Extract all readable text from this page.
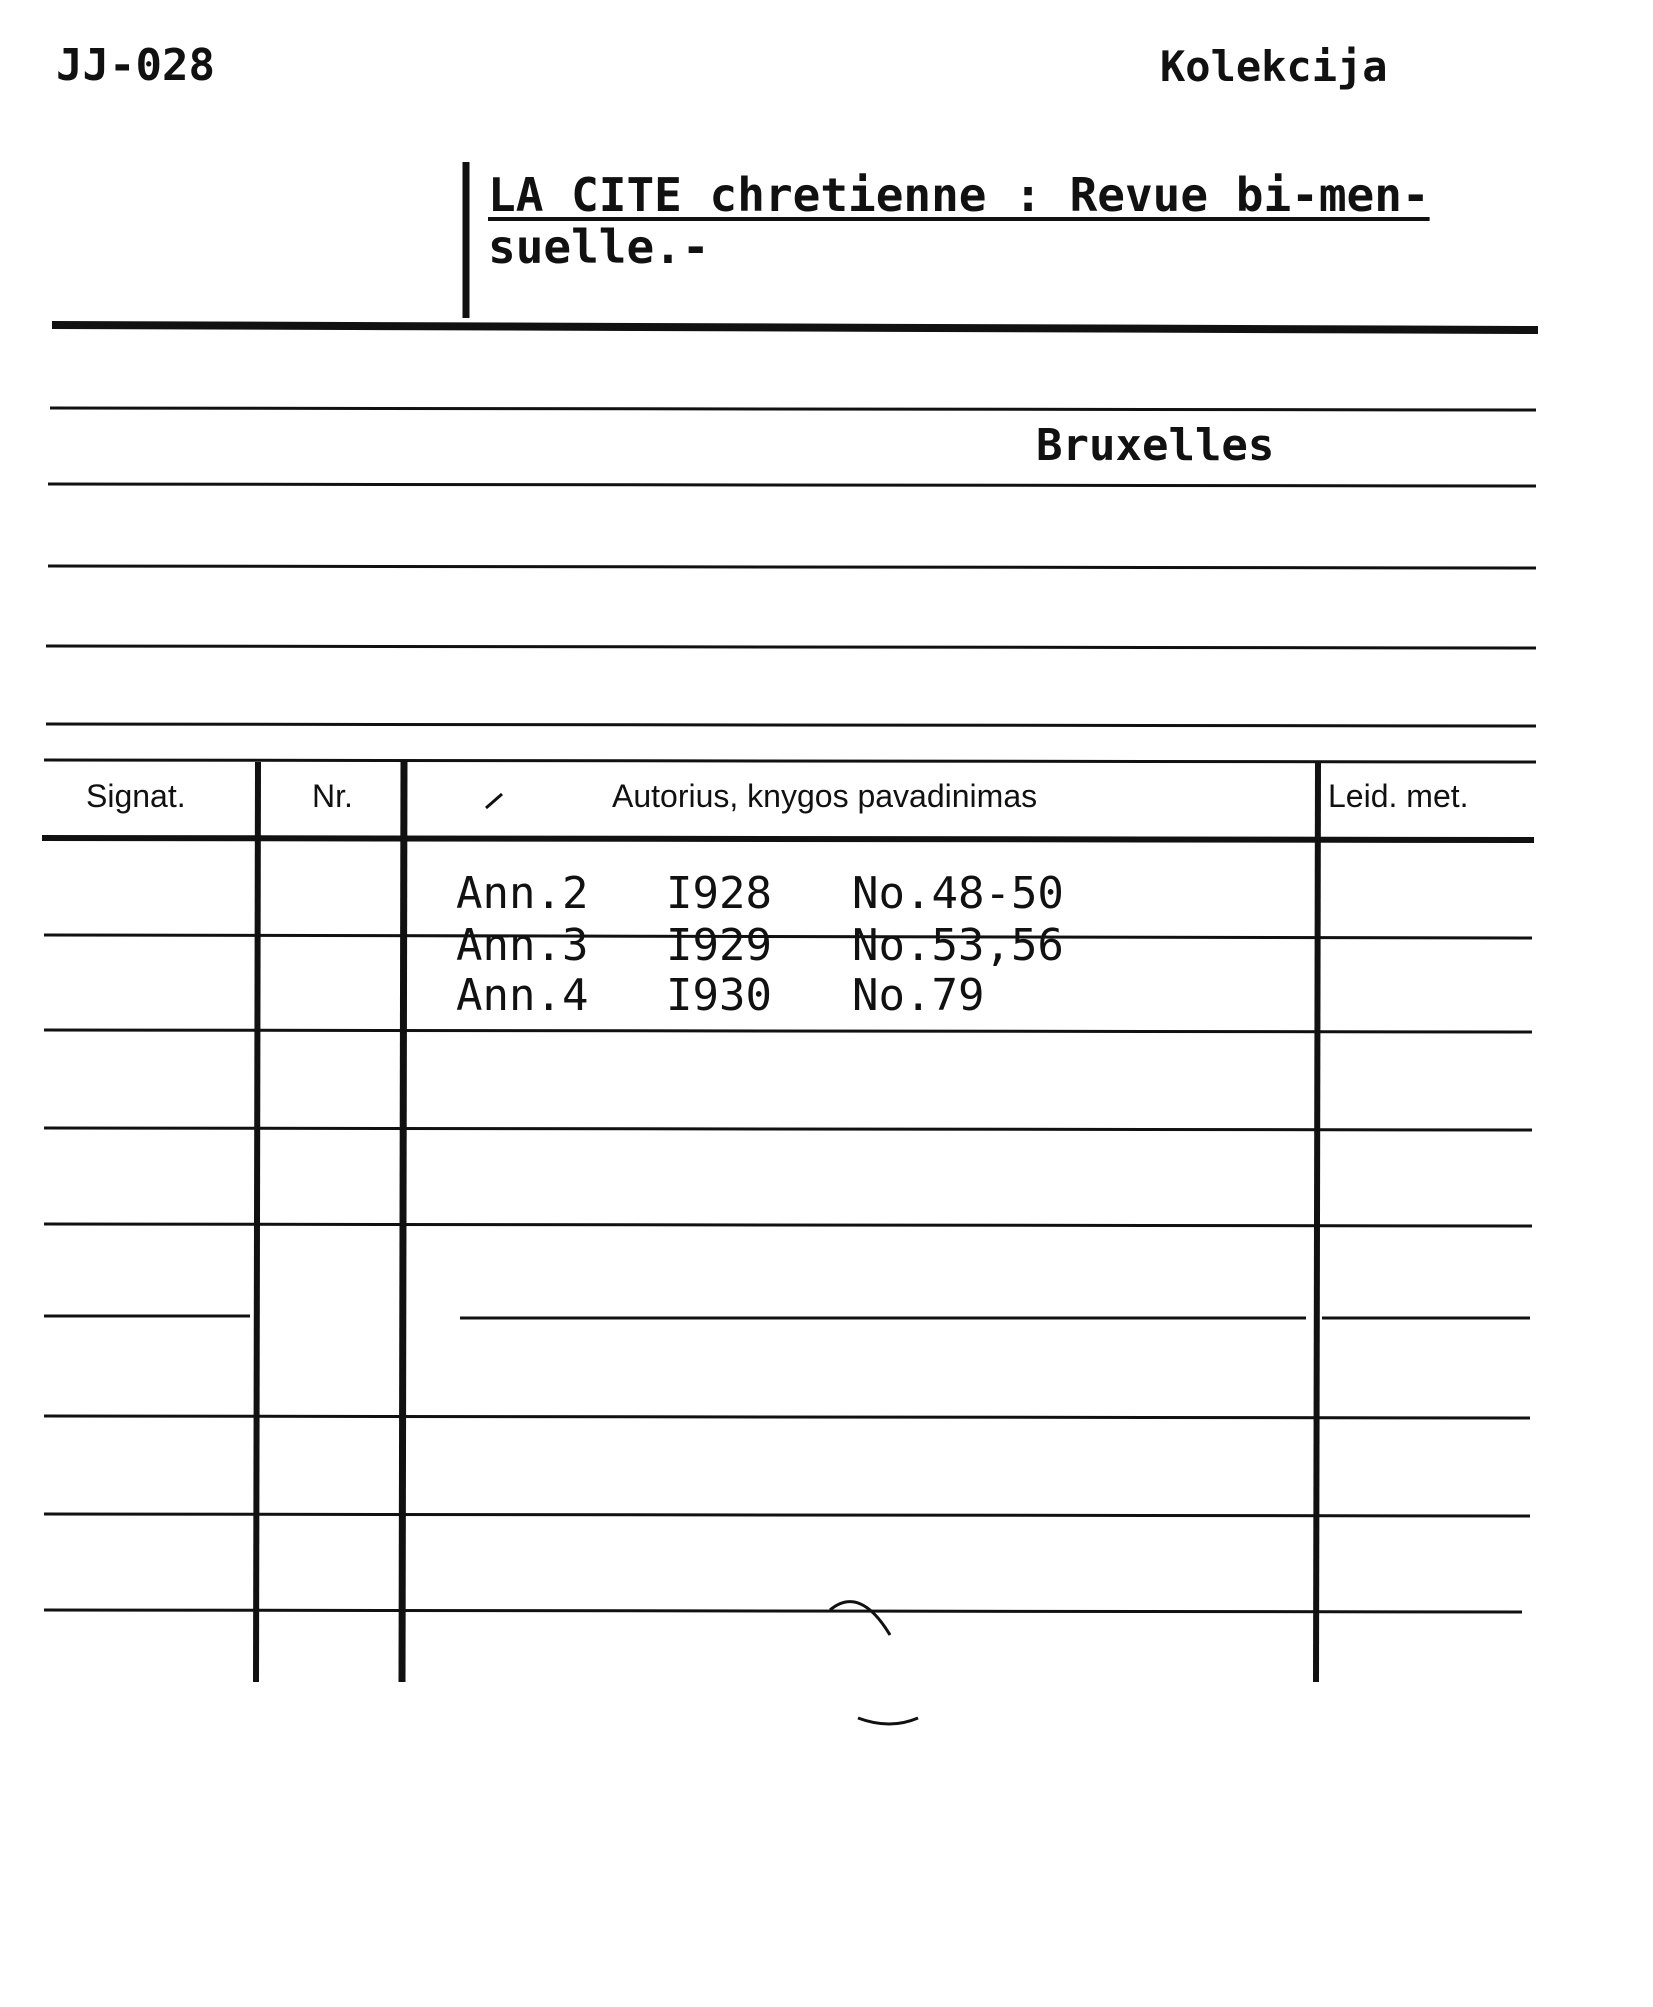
JJ-028	Kolekcija
LA CITE chretienne : Revue bi-men-
suelle.-
Bruxelles
Signat.	Nr.	Autorius, knygos pavadinimas	Leid. met.
Ann.2 I928 No.48-50
Ann.3 I929 No.53,56
Ann.4 I930 No.79
